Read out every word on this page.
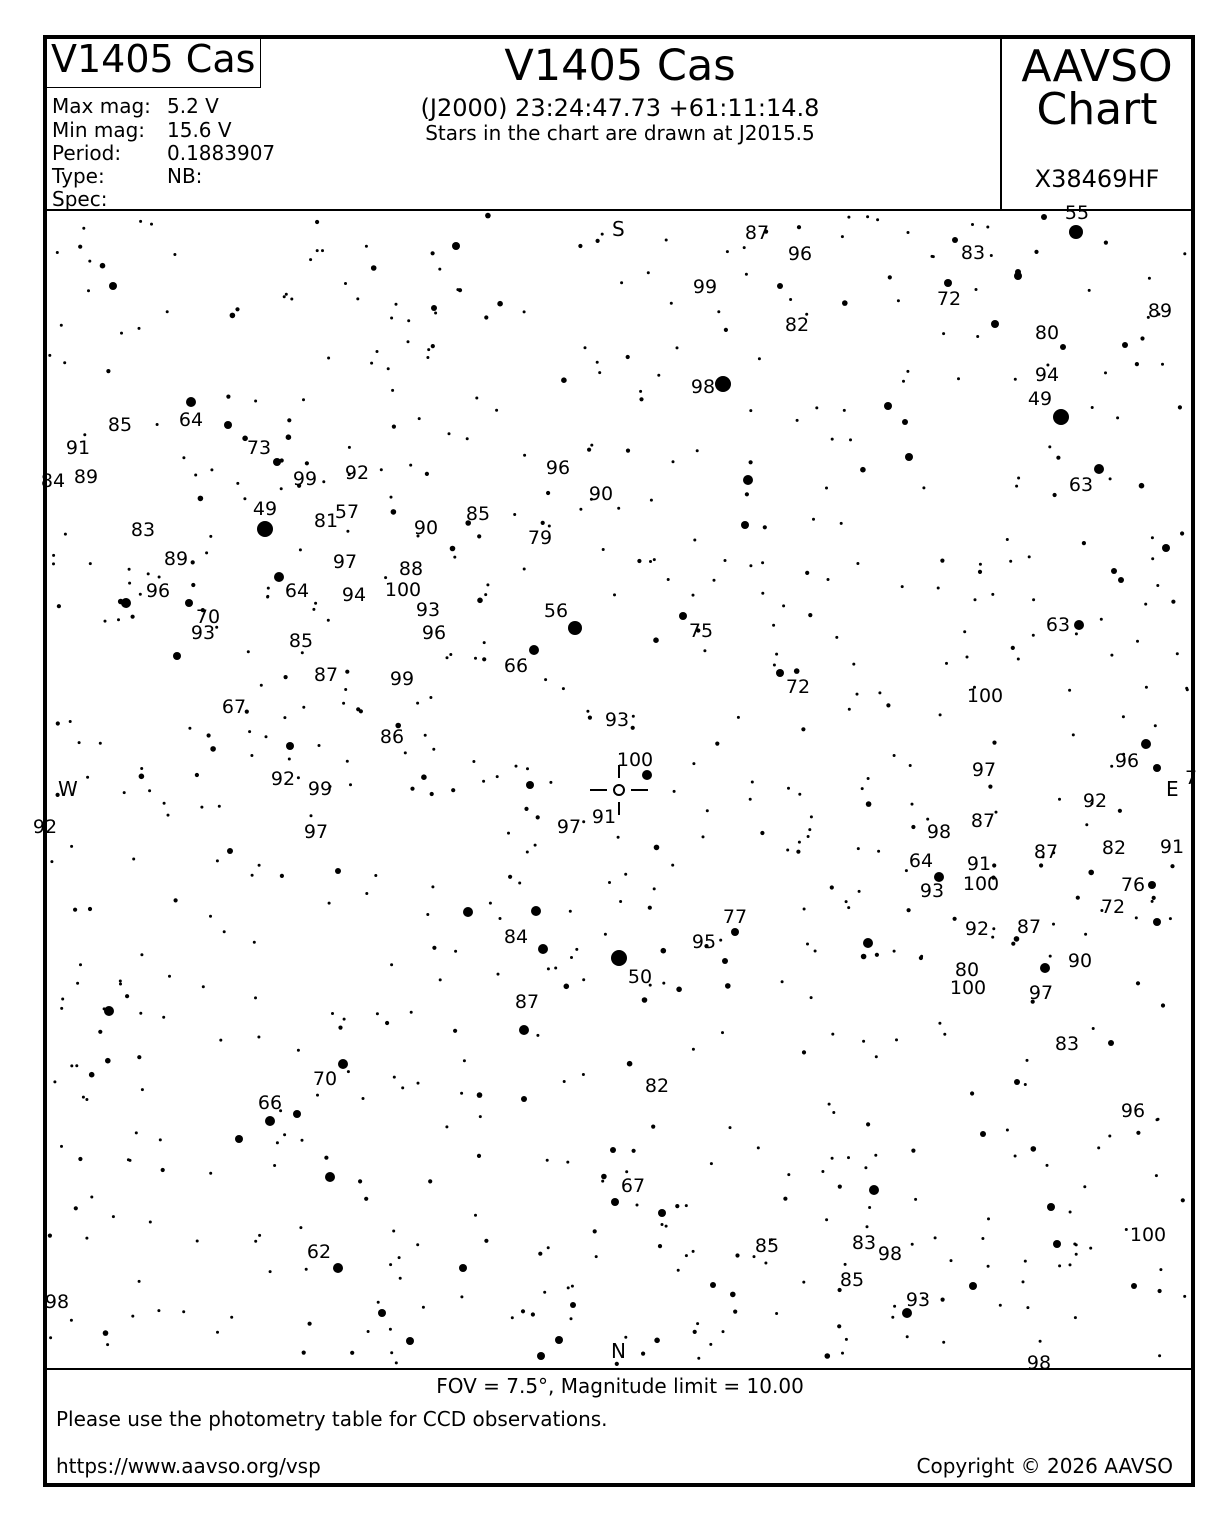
V1405 Cas
Max mag: 5.2 V
Min mag: 15.6 V
Period: 0.1883907
Type:	NB:
Spec:
V1405 Cas
(J2000) 23:24:47.73 +61:11:14.8
Stars in the chart are drawn at J2015.5
AAVSO
Chart
X38469HF
55
87
96	83
99
72
89
82	80
94
98
49
64
85
91	73
96
99 92
84 89	63
90
49	57	85
81	90
83	79
89	97 88
100
64
96	94
93	56
70	63
75
93	96
85
66
87	99	72	100
67
93
86
100	96
97
92	7
99
92
91	87
92	97
97	98
82 91
87
64 91
100	76
93
72
77	87
92
84	95
90
80
50	100 97
87
83
70	82
66	96
67
100
83
85	98
62
85
93
98
98
S
N
W	E
FOV = 7.5°, Magnitude limit = 10.00
Please use the photometry table for CCD observations.
https://www.aavso.org/vsp	Copyright © 2026 AAVSO
